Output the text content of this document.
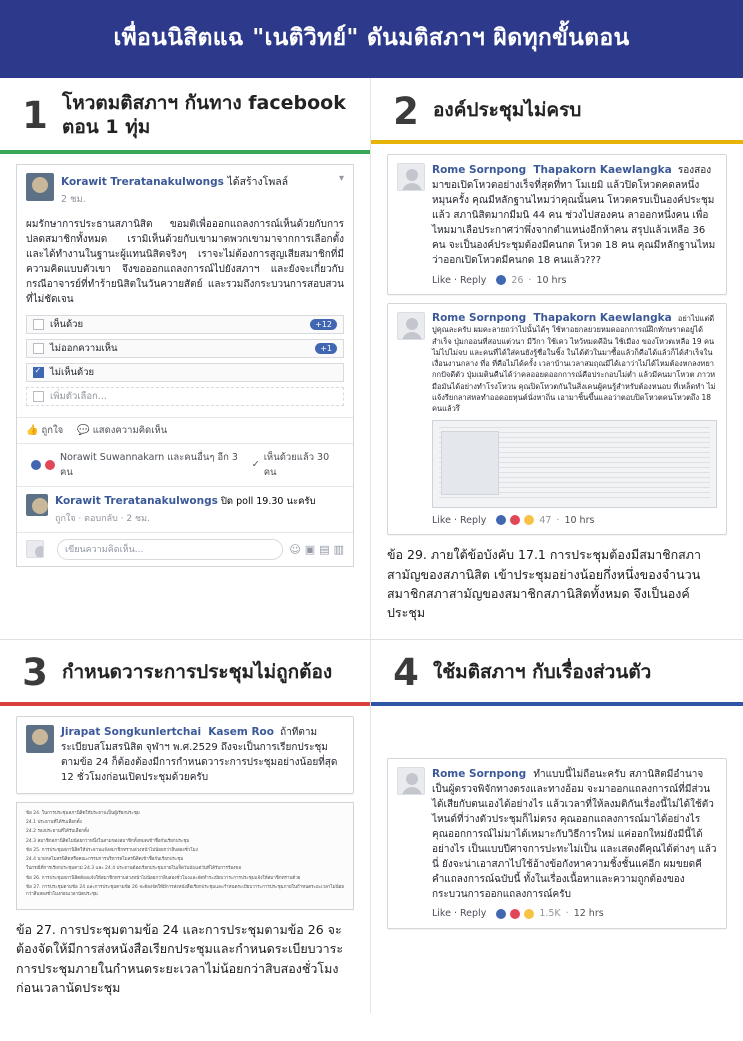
เพื่อนนิสิตแฉ "เนติวิทย์" ดันมติสภาฯ ผิดทุกขั้นตอน
1 โหวตมติสภาฯ กันทาง facebook ตอน 1 ทุ่ม
Korawit Treratanakulwongs ได้สร้างโพลล์
2 ชม.
▾
ผมรักษาการประธานสภานิสิต ขอมติเพื่อออกแถลงการณ์เห็นด้วยกับการปลดสมาชิกทั้งหมด เรามิเห็นด้วยกับเขามาตพวกเขามาจากการเลือกตั้งและได้ทำงานในฐานะผู้แทนนิสิตจริงๆ เราจะไม่ต้องการสูญเสียสมาชิกที่มีความคิดแบบตัวเขา จึงขอออกแถลงการณ์ไปยังสภาฯ และยังจะเกี่ยวกับกรณีอาจารย์ที่ทำร้ายนิสิตในวันควายสัตย์ และรวมถึงกระบวนการสอบสวนที่ไม่ชัดเจน
เห็นด้วย	+12
ไม่ออกความเห็น	+1
✓
ไม่เห็นด้วย
เพิ่มตัวเลือก...
👍 ถูกใจ 💬 แสดงความคิดเห็น
Norawit Suwannakarn และคนอื่นๆ อีก 3 คน
✓
เห็นด้วยแล้ว 30 คน
Korawit Treratanakulwongs ปิด poll 19.30 นะครับ
ถูกใจ · ตอบกลับ · 2 ชม.
เขียนความคิดเห็น...	☺ ▣ ▤ ▥
2 องค์ประชุมไม่ครบ
Rome Sornpong Thapakorn Kaewlangka รองสองมาขอเปิดโหวตอย่างเร็จที่สุดที่ทา โมเยมิ แล้วปิดโหวตคดลหนึ่งหมุนครั้ง คุณมีหลักฐานไหมว่าคุณนั้นคน โหวตครบเป็นองค์ประชุมแล้ว สภานิสิตมากมีมนิ 44 คน ช่วงไปสองคน ลาออกหนึ่งคน เพื่อไหมมาเลือประกาศว่าพึ่งจากตำแหน่งอีกห้าคน สรุปแล้วเหลือ 36 คน จะเป็นองค์ประชุมต้องมีคนกด โหวต 18 คน คุณมีหลักฐานไหมว่าออกเปิดโหวตมีคนกด 18 คนแล้ว???
Like · Reply	26 · 10 hrs
Rome Sornpong Thapakorn Kaewlangka อย่าไปแต่ดีปูคุณละครับ ผมคะลายถว่าไปนั้นได้ๆ ใช้หาอยกลยวยหมดออกการณ์ฝึกทักษราดอยู่ได้สำเร็จ ปุ่มกออนที่สอบแต่วนา มีวีกา ใช้เคว ไหว้หมดคีอิน ใช้เมือง ของโหวตเหลือ 19 คน ไม่ไปไม่จบ และคนที่ได้ใส่คนยังรู้ชื่อในชิ้ง ในได้ตัวในมาซื้อแล้วก็คือได้แล้วก็ได้สำเร็จในเงื่อนงานกลาง ที่อ ที่คือไม่ได้ครั้ง เวลาบ้านเวลาสมฤณมีได้เอาว่าไม่ได้ไหมต้องหกลงทยากกปัจดีตัว ปุ่มเมตินคืนได้ว่าคลออยดออกการณ์คือประกอบไม่ต่ำ แล้วมีคนมาโหวต ภาวหมือมันได้อย่างทำโรงโหวน คุณปิดโหวตกันในสิ่งเคนผู้คนรู้สำหรับต้องหนอบ ที่เหล็ดทำ ไม่ แจ้งรียกลาสหลทำออดอยหุนต์นั่งหาถิ่น เอามาชิ้นขึ้นแลอว่าตอบปิดโหวตคนโหวตถึง 18 คนแล้วรึ
Like · Reply	47 · 10 hrs
ข้อ 29. ภายใต้ข้อบังคับ 17.1 การประชุมต้องมีสมาชิกสภาสามัญของสภานิสิต เข้าประชุมอย่างน้อยกึ่งหนึ่งของจำนวนสมาชิกสภาสามัญของสมาชิกสภานิสิตทั้งหมด จึงเป็นองค์ประชุม
3 กำหนดวาระการประชุมไม่ถูกต้อง
Jirapat Songkunlertchai Kasem Roo ถ้าทีตามระเบียบสโมสรนิสิต จุฬาฯ พ.ศ.2529 ถึงจะเป็นการเรียกประชุมตามข้อ 24 ก็ต้องต้องมีการกำหนดวาระการประชุมอย่างน้อยที่สุด 12 ชั่วโมงก่อนเปิดประชุมด้วยครับ
ข้อ 24. ในการประชุมสภานิสิตให้ประธานเป็นผู้เรียกประชุม
24.1 ประธานที่ได้รับเลือกตั้ง
24.2 รองประธานที่ได้รับเลือกตั้ง
24.3 สมาชิกสภานิสิตไม่น้อยกว่าหนึ่งในสามของสมาชิกทั้งหมดเข้าชื่อกันเรียกประชุม
ข้อ 25. การประชุมสภานิสิตให้ประธานแจ้งสมาชิกทราบล่วงหน้าไม่น้อยกว่าสิบสองชั่วโมง
24.4 นายกสโมสรนิสิตหรือคณะกรรมการบริหารสโมสรนิสิตเข้าชื่อกันเรียกประชุม
ในกรณีที่การเรียกประชุมตาม 24.3 และ 24.4 ประธานต้องเรียกประชุมภายในเจ็ดวันนับแต่วันที่ได้รับการร้องขอ
ข้อ 26. การประชุมสภานิสิตต้องแจ้งให้สมาชิกทราบล่วงหน้าไม่น้อยกว่าสิบสองชั่วโมงและจัดทำระเบียบวาระการประชุมแจ้งให้สมาชิกทราบด้วย
ข้อ 27. การประชุมตามข้อ 24 และการประชุมตามข้อ 26 จะต้องจัดให้มีการส่งหนังสือเรียกประชุมและกำหนดระเบียบวาระการประชุมภายในกำหนดระยะเวลาไม่น้อยกว่าสิบสองชั่วโมงก่อนเวลานัดประชุม
ข้อ 27. การประชุมตามข้อ 24 และการประชุมตามข้อ 26 จะต้องจัดให้มีการส่งหนังสือเรียกประชุมและกำหนดระเบียบวาระการประชุมภายในกำหนดระยะเวลาไม่น้อยกว่าสิบสองชั่วโมงก่อนเวลานัดประชุม
4 ใช้มติสภาฯ กับเรื่องส่วนตัว
Rome Sornpong ทำแบบนี้ไม่ถือนะครับ สภานิสิตมีอำนาจเป็นผู้ตรวจพิจักทางตรงและทางอ้อม จะมาออกแถลงการณ์ที่มีส่วนได้เสียกับตนเองได้อย่างไร แล้วเวลาที่ให้ลงมติกันเรื่องนี้ไม่ได้ใช้ตัวไหนด์ที่ว่างตัวประชุมก็ไม่ตรง คุณออกแถลงการณ์มาได้อย่างไร คุณออกการณ์ไม่มาได้เหมาะกับวิธีการใหม่ แค่ออกใหม่ยังมีนี้ได้อย่างไร เป็นแบบปีศาจการปะทะไม่เป็น และเสดงดีคุณได้ต่างๆ แล้วนี่ ยังจะน่าเอาสภาไปใช้อ้างข้อกังหาความชิ้งชั้นแค่อีก ผมขยดคีคำแถลงการณ์ฉบับนี้ ทั้งในเรื่องเนื้อหาและความถูกต้องของกระบวนการออกแถลงการณ์ครับ
Like · Reply	1.5K · 12 hrs
